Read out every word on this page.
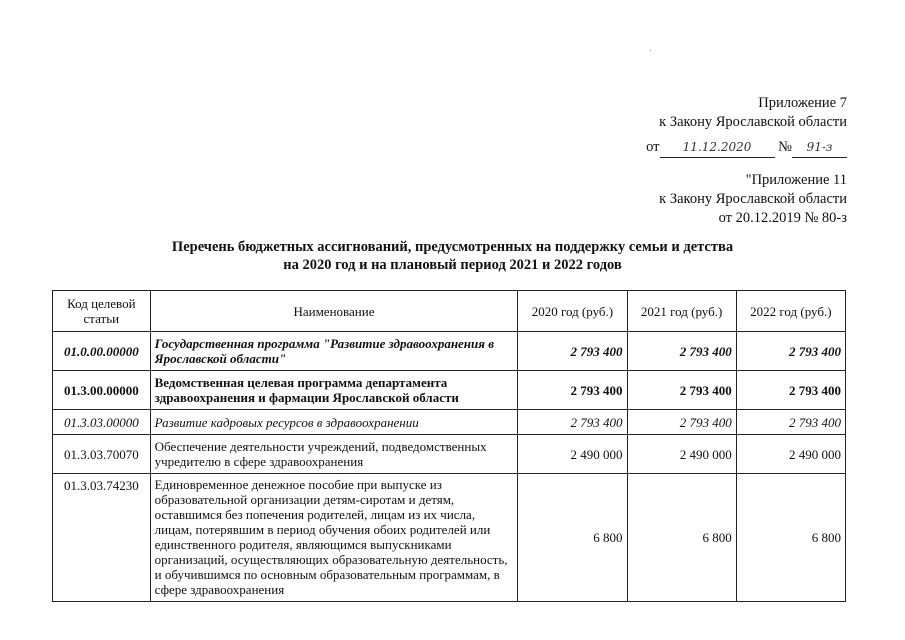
Приложение 7
к Закону Ярославской области
от 11.12.2020 № 91-з
"Приложение 11
к Закону Ярославской области
от 20.12.2019 № 80-з
Перечень бюджетных ассигнований, предусмотренных на поддержку семьи и детства
на 2020 год и на плановый период 2021 и 2022 годов
Код целевой статьи	Наименование	2020 год (руб.)	2021 год (руб.)	2022 год (руб.)
01.0.00.00000	Государственная программа "Развитие здравоохранения в Ярославской области"	2 793 400	2 793 400	2 793 400
01.3.00.00000	Ведомственная целевая программа департамента здравоохранения и фармации Ярославской области	2 793 400	2 793 400	2 793 400
01.3.03.00000	Развитие кадровых ресурсов в здравоохранении	2 793 400	2 793 400	2 793 400
01.3.03.70070	Обеспечение деятельности учреждений, подведомственных учредителю в сфере здравоохранения	2 490 000	2 490 000	2 490 000
01.3.03.74230	Единовременное денежное пособие при выпуске из образовательной организации детям-сиротам и детям, оставшимся без попечения родителей, лицам из их числа, лицам, потерявшим в период обучения обоих родителей или единственного родителя, являющимся выпускниками организаций, осуществляющих образовательную деятельность, и обучившимся по основным образовательным программам, в сфере здравоохранения	6 800	6 800	6 800
